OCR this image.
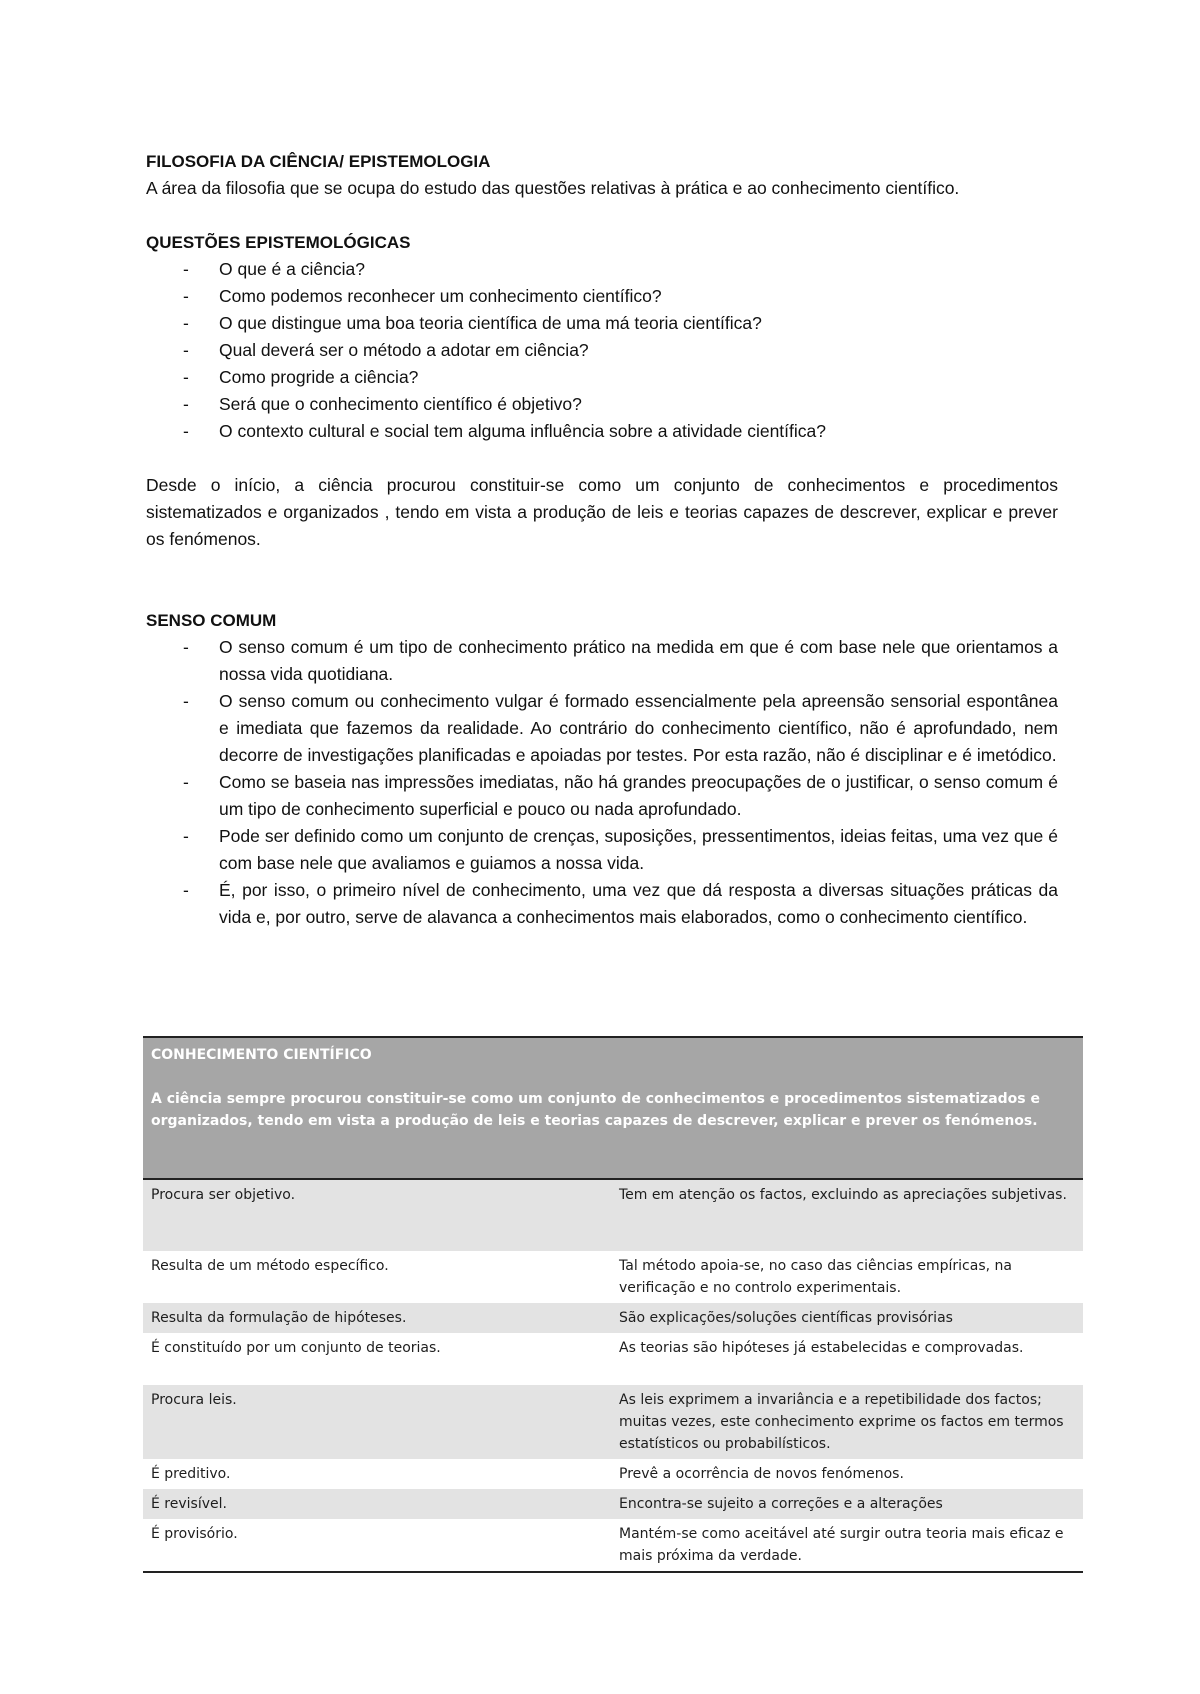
FILOSOFIA DA CIÊNCIA/ EPISTEMOLOGIA

A área da filosofia que se ocupa do estudo das questões relativas à prática e ao conhecimento científico.

QUESTÕES EPISTEMOLÓGICAS

- O que é a ciência?
- Como podemos reconhecer um conhecimento científico?
- O que distingue uma boa teoria científica de uma má teoria científica?
- Qual deverá ser o método a adotar em ciência?
- Como progride a ciência?
- Será que o conhecimento científico é objetivo?
- O contexto cultural e social tem alguma influência sobre a atividade científica?

Desde o início, a ciência procurou constituir-se como um conjunto de conhecimentos e procedimentos sistematizados e organizados , tendo em vista a produção de leis e teorias capazes de descrever, explicar e prever os fenómenos.

SENSO COMUM

- O senso comum é um tipo de conhecimento prático na medida em que é com base nele que orientamos a nossa vida quotidiana.
- O senso comum ou conhecimento vulgar é formado essencialmente pela apreensão sensorial espontânea e imediata que fazemos da realidade. Ao contrário do conhecimento científico, não é aprofundado, nem decorre de investigações planificadas e apoiadas por testes. Por esta razão, não é disciplinar e é imetódico.
- Como se baseia nas impressões imediatas, não há grandes preocupações de o justificar, o senso comum é um tipo de conhecimento superficial e pouco ou nada aprofundado.
- Pode ser definido como um conjunto de crenças, suposições, pressentimentos, ideias feitas, uma vez que é com base nele que avaliamos e guiamos a nossa vida.
- É, por isso, o primeiro nível de conhecimento, uma vez que dá resposta a diversas situações práticas da vida e, por outro, serve de alavanca a conhecimentos mais elaborados, como o conhecimento científico.
CONHECIMENTO CIENTÍFICO
A ciência sempre procurou constituir-se como um conjunto de conhecimentos e procedimentos sistematizados e organizados, tendo em vista a produção de leis e teorias capazes de descrever, explicar e prever os fenómenos.	
Procura ser objetivo.	Tem em atenção os factos, excluindo as apreciações subjetivas.
Resulta de um método específico.	Tal método apoia-se, no caso das ciências empíricas, na verificação e no controlo experimentais.
Resulta da formulação de hipóteses.	São explicações/soluções científicas provisórias
É constituído por um conjunto de teorias.	As teorias são hipóteses já estabelecidas e comprovadas.
Procura leis.	As leis exprimem a invariância e a repetibilidade dos factos; muitas vezes, este conhecimento exprime os factos em termos estatísticos ou probabilísticos.
É preditivo.	Prevê a ocorrência de novos fenómenos.
É revisível.	Encontra-se sujeito a correções e a alterações
É provisório.	Mantém-se como aceitável até surgir outra teoria mais eficaz e mais próxima da verdade.
